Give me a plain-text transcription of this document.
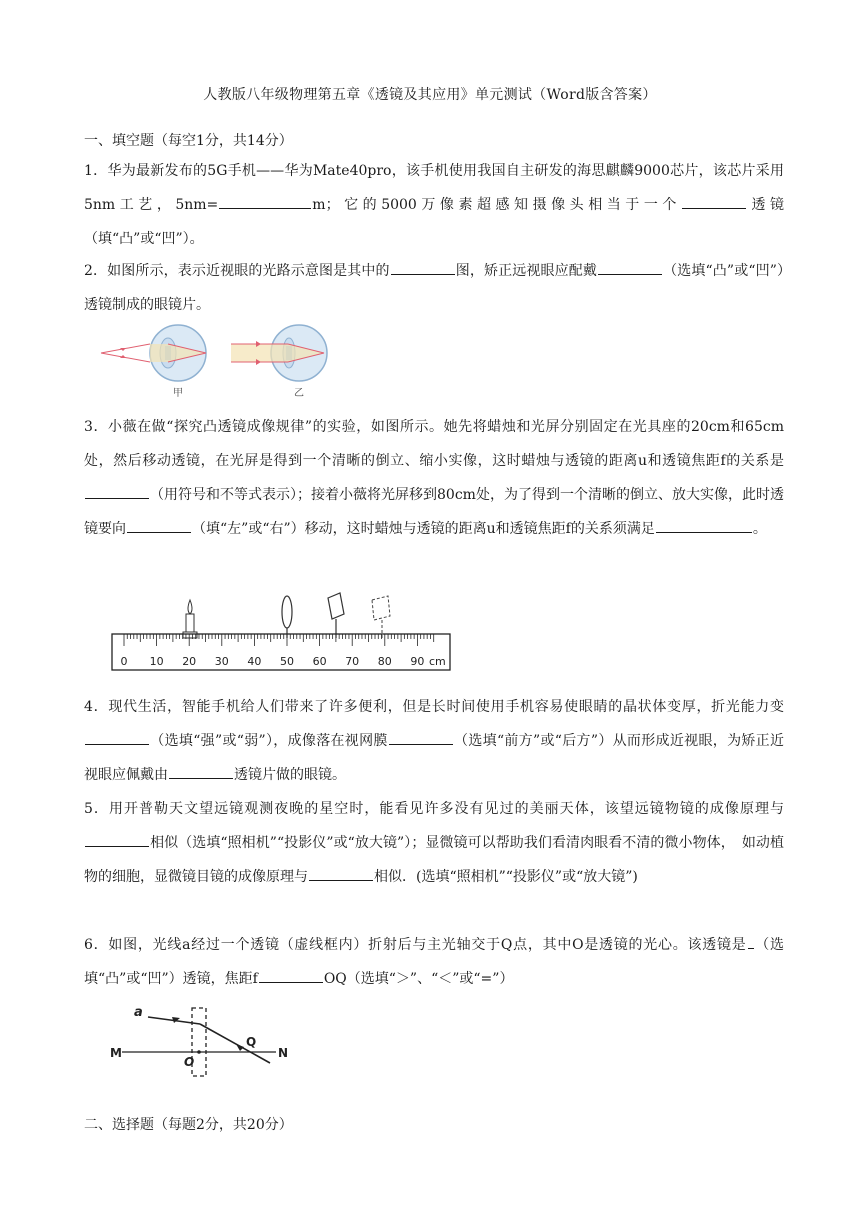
人教版八年级物理第五章《透镜及其应用》单元测试（Word版含答案）
一、填空题（每空1分，共14分）
1．华为最新发布的5G手机——华为Mate40pro，该手机使用我国自主研发的海思麒麟9000芯片，该芯片采用5nm工艺，5nm=	m；它的5000万像素超感知摄像头相当于一个	透镜（填“凸”或“凹”）。
2．如图所示，表示近视眼的光路示意图是其中的	图，矫正远视眼应配戴	（选填“凸”或“凹”）透镜制成的眼镜片。
甲	乙
3．小薇在做“探究凸透镜成像规律”的实验，如图所示。她先将蜡烛和光屏分别固定在光具座的20cm和65cm处，然后移动透镜，在光屏是得到一个清晰的倒立、缩小实像，这时蜡烛与透镜的距离u和透镜焦距f的关系是（用符号和不等式表示）；接着小薇将光屏移到80cm处，为了得到一个清晰的倒立、放大实像，此时透镜要向	（填“左”或“右”）移动，这时蜡烛与透镜的距离u和透镜焦距f的关系须满足	。
0 10 20 30 40 50 60 70 80 90 cm
4．现代生活，智能手机给人们带来了许多便利，但是长时间使用手机容易使眼睛的晶状体变厚，折光能力变（选填“强”或“弱”），成像落在视网膜	（选填“前方”或“后方”）从而形成近视眼，为矫正近视眼应佩戴由	透镜片做的眼镜。
5．用开普勒天文望远镜观测夜晚的星空时，能看见许多没有见过的美丽天体，该望远镜物镜的成像原理与相似（选填“照相机”“投影仪”或“放大镜”）；显微镜可以帮助我们看清肉眼看不清的微小物体，　如动植物的细胞，显微镜目镜的成像原理与	相似．(选填“照相机”“投影仪”或“放大镜”)
6．如图，光线a经过一个透镜（虚线框内）折射后与主光轴交于Q点，其中O是透镜的光心。该透镜是 （选填“凸”或“凹”）透镜，焦距f	OQ（选填“＞”、“＜”或“=”）
a
M
O
Q
N
二、选择题（每题2分，共20分）
